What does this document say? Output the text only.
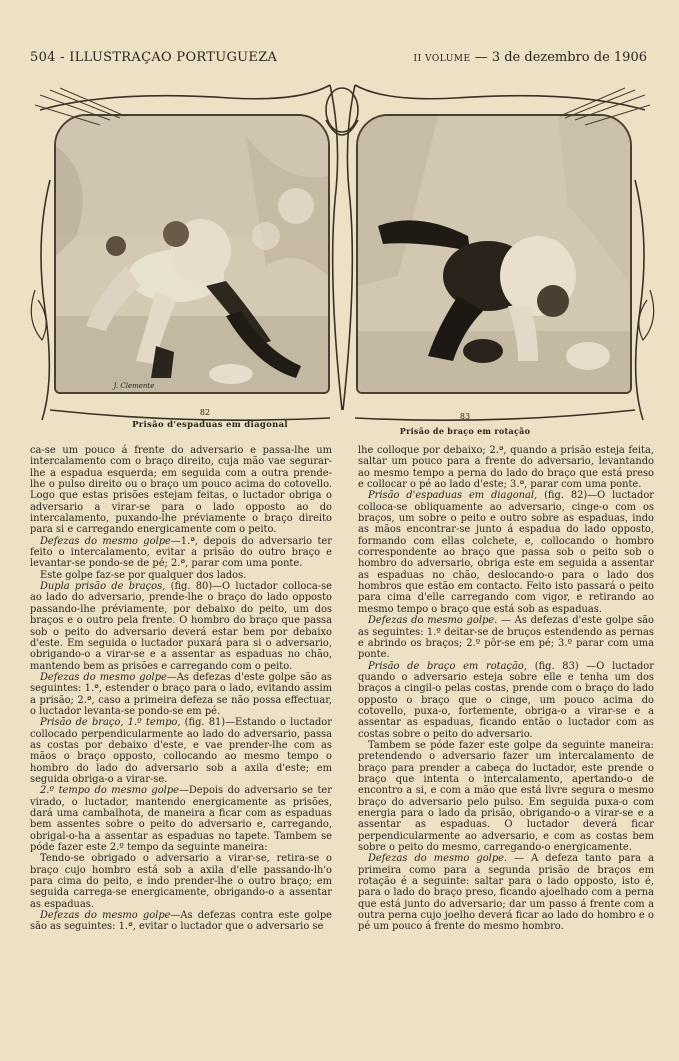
504 - ILLUSTRAÇAO PORTUGUEZA	II VOLUME — 3 de dezembro de 1906
82
Prisão d'espaduas em diagonal
J. Clemente
83
Prisão de braço em rotação

ca-se um pouco á frente do adversario e passa-lhe um intercalamento com o braço direito, cuja mão vae segurar-lhe a espadua esquerda; em seguida com a outra prende-lhe o pulso direito ou o braço um pouco acima do cotovello. Logo que estas prisões estejam feitas, o luctador obriga o adversario a virar-se para o lado opposto ao do intercalamento, puxando-lhe préviamente o braço direito para si e carregando energicamente com o peito.

Defezas do mesmo golpe—1.ª, depois do adversario ter feito o intercalamento, evitar a prisão do outro braço e levantar-se pondo-se de pé; 2.ª, parar com uma ponte.

Este golpe faz-se por qualquer dos lados.

Dupla prisão de braços, (fig. 80)—O luctador colloca-se ao lado do adversario, prende-lhe o braço do lado opposto passando-lhe préviamente, por debaixo do peito, um dos braços e o outro pela frente. O hombro do braço que passa sob o peito do adversario deverá estar bem por debaixo d'este. Em seguida o luctador puxará para si o adversario, obrigando-o a virar-se e a assentar as espaduas no chão, mantendo bem as prisões e carregando com o peito.

Defezas do mesmo golpe—As defezas d'este golpe são as seguintes: 1.ª, estender o braço para o lado, evitando assim a prisão; 2.ª, caso a primeira defeza se não possa effectuar, o luctador levanta-se pondo-se em pé.

Prisão de braço, 1.º tempo, (fig. 81)—Estando o luctador collocado perpendicularmente ao lado do adversario, passa as costas por debaixo d'este, e vae prender-lhe com as mãos o braço opposto, collocando ao mesmo tempo o hombro do lado do adversario sob a axila d'este; em seguida obriga-o a virar-se.

2.º tempo do mesmo golpe—Depois do adversario se ter virado, o luctador, mantendo energicamente as prisões, dará uma cambalhota, de maneira a ficar com as espaduas bem assentes sobre o peito do adversario e, carregando, obrigal-o-ha a assentar as espaduas no tapete. Tambem se póde fazer este 2.º tempo da seguinte maneira:

Tendo-se obrigado o adversario a virar-se, retira-se o braço cujo hombro está sob a axila d'elle passando-lh'o para cima do peito, e indo prender-lhe o outro braço; em seguida carrega-se energicamente, obrigando-o a assentar as espaduas.

Defezas do mesmo golpe—As defezas contra este golpe são as seguintes: 1.ª, evitar o luctador que o adversario se

lhe colloque por debaixo; 2.ª, quando a prisão esteja feita, saltar um pouco para a frente do adversario, levantando ao mesmo tempo a perna do lado do braço que está preso e collocar o pé ao lado d'este; 3.ª, parar com uma ponte.

Prisão d'espaduas em diagonal, (fig. 82)—O luctador colloca-se obliquamente ao adversario, cinge-o com os braços, um sobre o peito e outro sobre as espaduas, indo as mãos encontrar-se junto á espadua do lado opposto, formando com ellas colchete, e, collocando o hombro correspondente ao braço que passa sob o peito sob o hombro do adversario, obriga este em seguida a assentar as espaduas no chão, deslocando-o para o lado dos hombros que estão em contacto. Feito isto passará o peito para cima d'elle carregando com vigor, e retirando ao mesmo tempo o braço que está sob as espaduas.

Defezas do mesmo golpe. — As defezas d'este golpe são as seguintes: 1.º deitar-se de bruços estendendo as pernas e abrindo os braços; 2.º pôr-se em pé; 3.º parar com uma ponte.

Prisão de braço em rotação, (fig. 83) —O luctador quando o adversario esteja sobre elle e tenha um dos braços a cingil-o pelas costas, prende com o braço do lado opposto o braço que o cinge, um pouco acima do cotovello, puxa-o, fortemente, obriga-o a virar-se e a assentar as espaduas, ficando então o luctador com as costas sobre o peito do adversario.

Tambem se póde fazer este golpe da seguinte maneira: pretendendo o adversario fazer um intercalamento de braço para prender a cabeça do luctador, este prende o braço que intenta o intercalamento, apertando-o de encontro a si, e com a mão que está livre segura o mesmo braço do adversario pelo pulso. Em seguida puxa-o com energia para o lado da prisão, obrigando-o a virar-se e a assentar as espaduas. O luctador deverá ficar perpendicularmente ao adversario, e com as costas bem sobre o peito do mesmo, carregando-o energicamente.

Defezas do mesmo golpe. — A defeza tanto para a primeira como para a segunda prisão de braços em rotação é a seguinte: saltar para o lado opposto, isto é, para o lado do braço preso, ficando ajoelhado com a perna que está junto do adversario; dar um passo á frente com a outra perna cujo joelho deverá ficar ao lado do hombro e o pé um pouco á frente do mesmo hombro.
